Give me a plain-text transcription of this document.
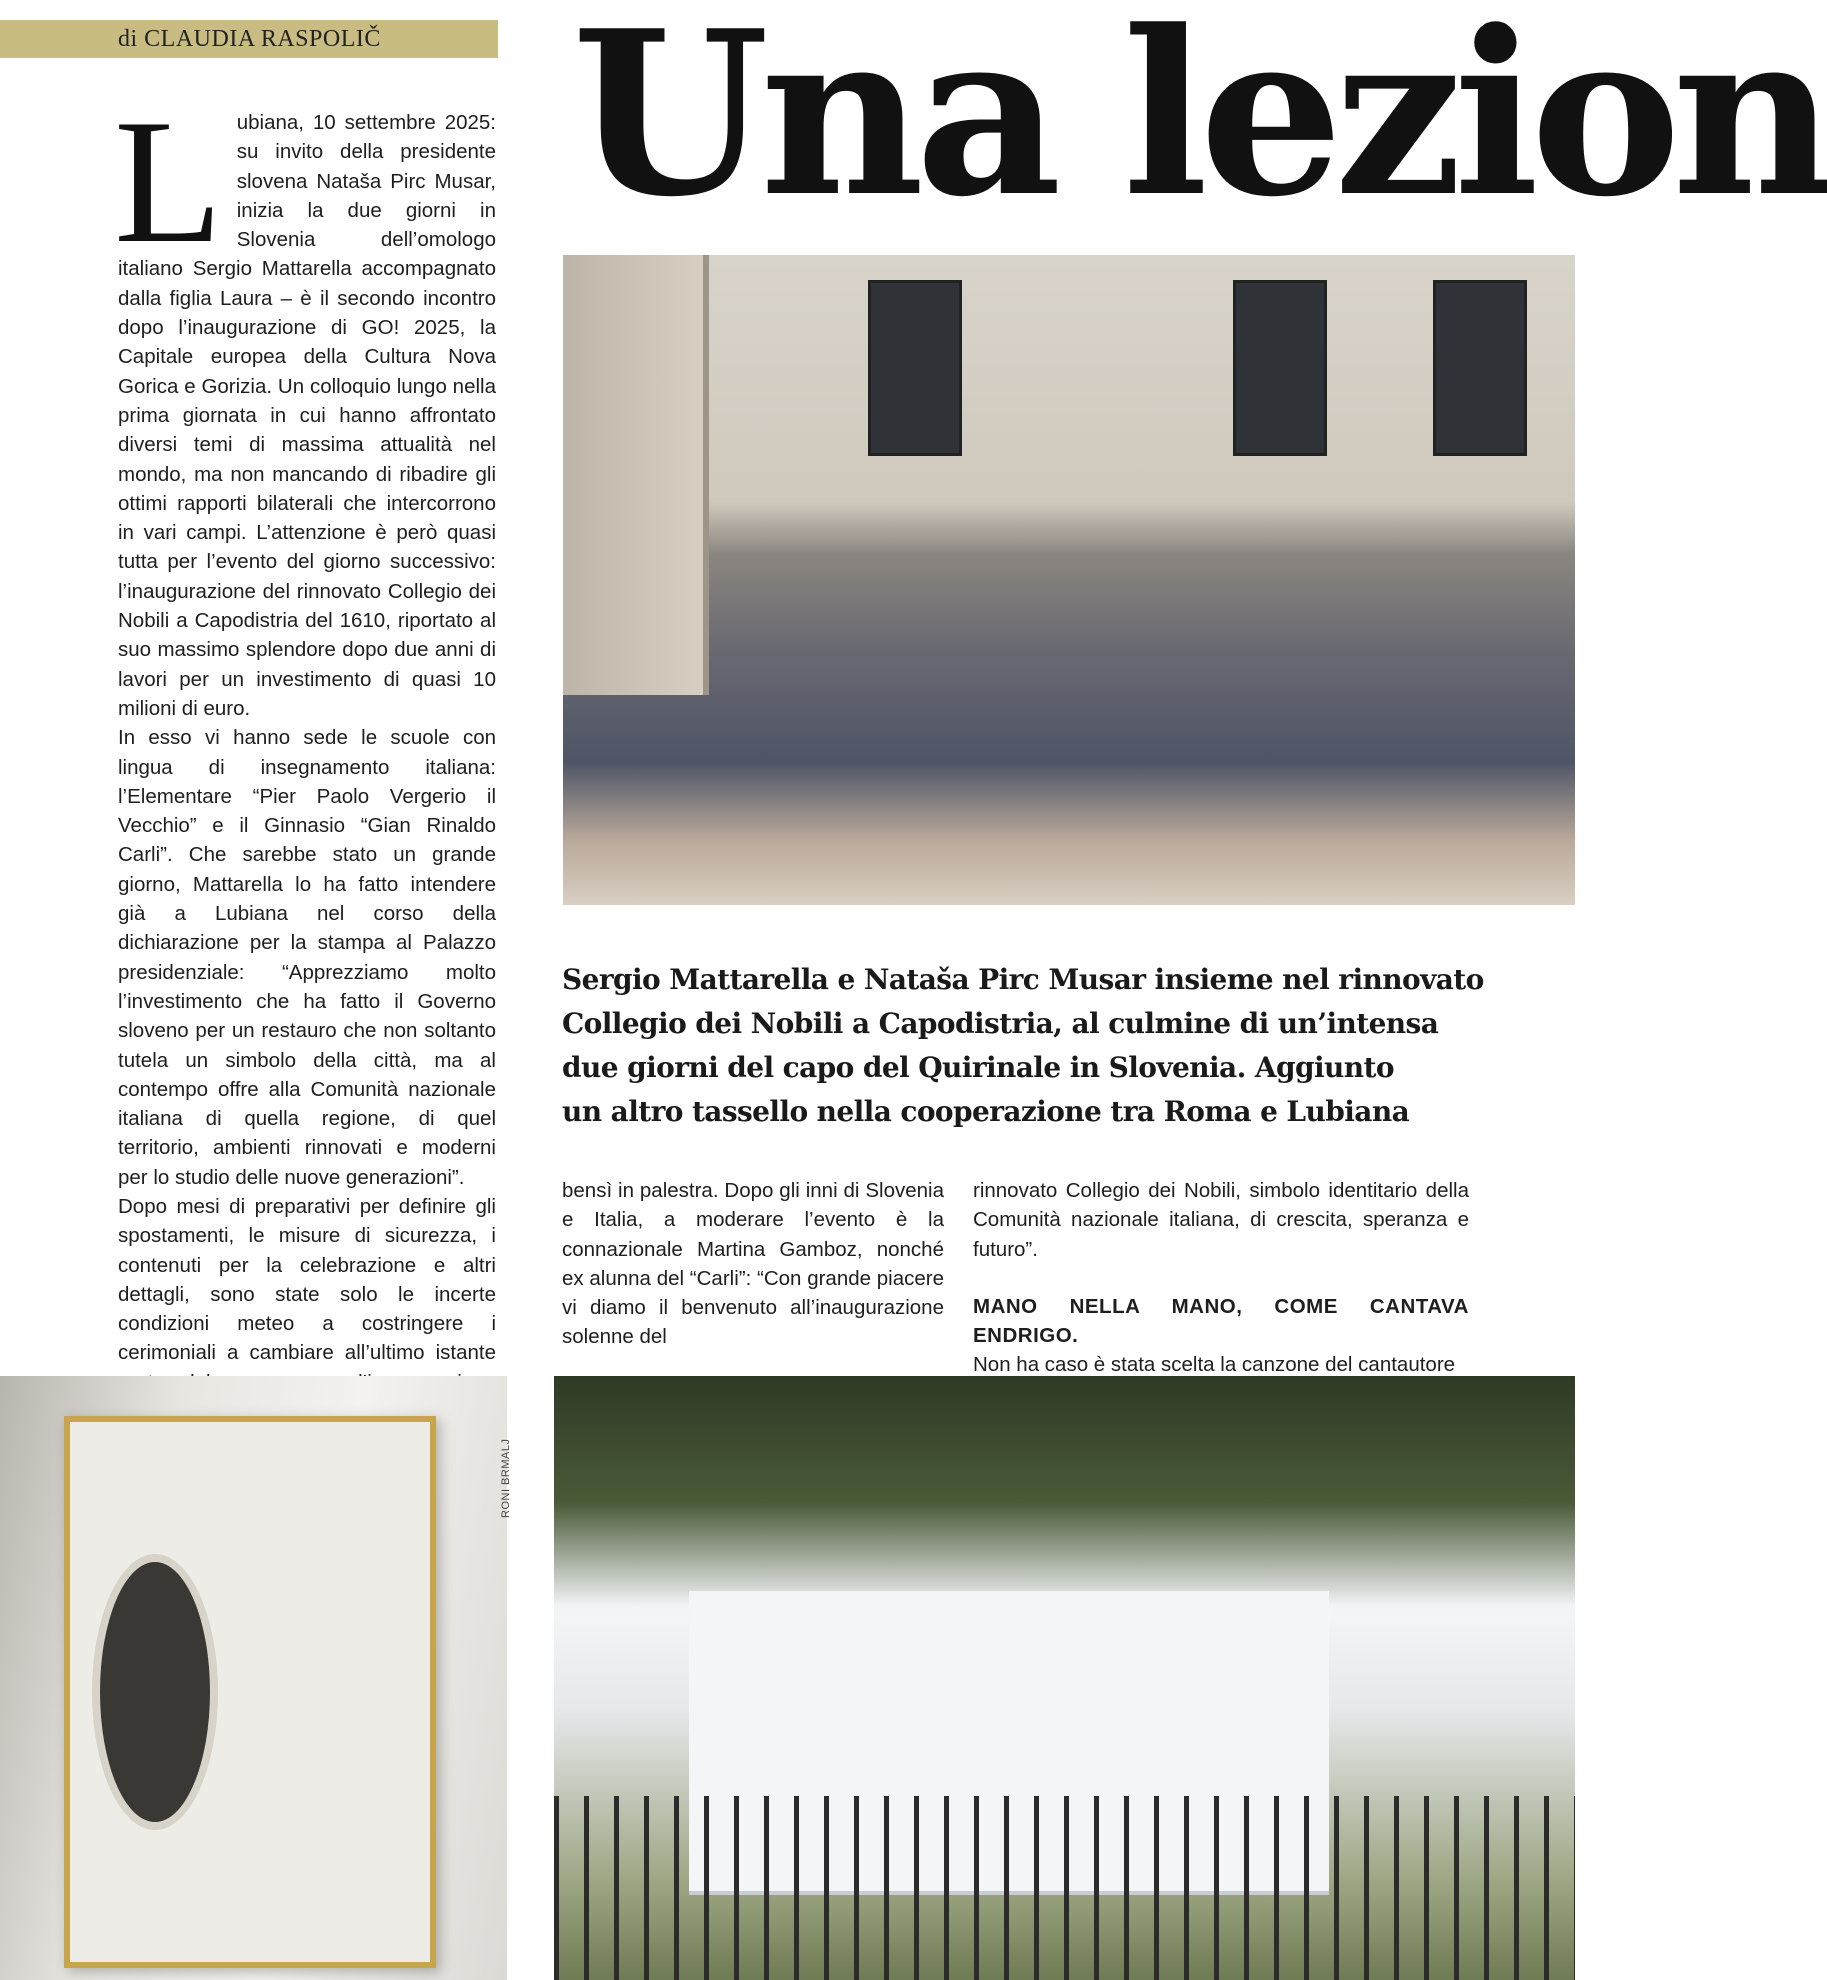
di CLAUDIA RASPOLIČ Una lezion
Sergio Mattarella e Nataša Pirc Musar insieme nel rinnovato
Collegio dei Nobili a Capodistria, al culmine di un’intensa
due giorni del capo del Quirinale in Slovenia. Aggiunto
un altro tassello nella cooperazione tra Roma e Lubiana
L ubiana, 10 settembre 2025: su invito della presidente slovena Nataša Pirc Musar, inizia la due giorni in Slovenia dell’omologo italiano Sergio Mattarella accompagnato dalla figlia Laura – è il secondo incontro dopo l’inaugurazione di GO! 2025, la Capitale europea della Cultura Nova Gorica e Gorizia. Un colloquio lungo nella prima giornata in cui hanno affrontato diversi temi di massima attualità nel mondo, ma non mancando di ribadire gli ottimi rapporti bilaterali che intercorrono in vari campi. L’attenzione è però quasi tutta per l’evento del giorno successivo: l’inaugurazione del rinnovato Collegio dei Nobili a Capodistria del 1610, riportato al suo massimo splendore dopo due anni di lavori per un investimento di quasi 10 milioni di euro.

In esso vi hanno sede le scuole con lingua di insegnamento italiana: l’Elementare “Pier Paolo Vergerio il Vecchio” e il Ginnasio “Gian Rinaldo Carli”. Che sarebbe stato un grande giorno, Mattarella lo ha fatto intendere già a Lubiana nel corso della dichiarazione per la stampa al Palazzo presidenziale: “Apprezziamo molto l’investimento che ha fatto il Governo sloveno per un restauro che non soltanto tutela un simbolo della città, ma al contempo offre alla Comunità nazionale italiana di quella regione, di quel territorio, ambienti rinnovati e moderni per lo studio delle nuove generazioni”.

Dopo mesi di preparativi per definire gli spostamenti, le misure di sicurezza, i contenuti per la celebrazione e altri dettagli, sono state solo le incerte condizioni meteo a costringere i cerimoniali a cambiare all’ultimo istante

bensì in palestra. Dopo gli inni di Slovenia e Italia, a moderare l’evento è la connazionale Martina Gamboz, nonché ex alunna del “Carli”: “Con grande piacere vi diamo il benvenuto all’inaugurazione solenne del

rinnovato Collegio dei Nobili, simbolo identitario della Comunità nazionale italiana, di crescita, speranza e futuro”.

MANO NELLA MANO, COME CANTAVA ENDRIGO.

Non ha caso è stata scelta la canzone del cantautore

RONI BRMALJ
